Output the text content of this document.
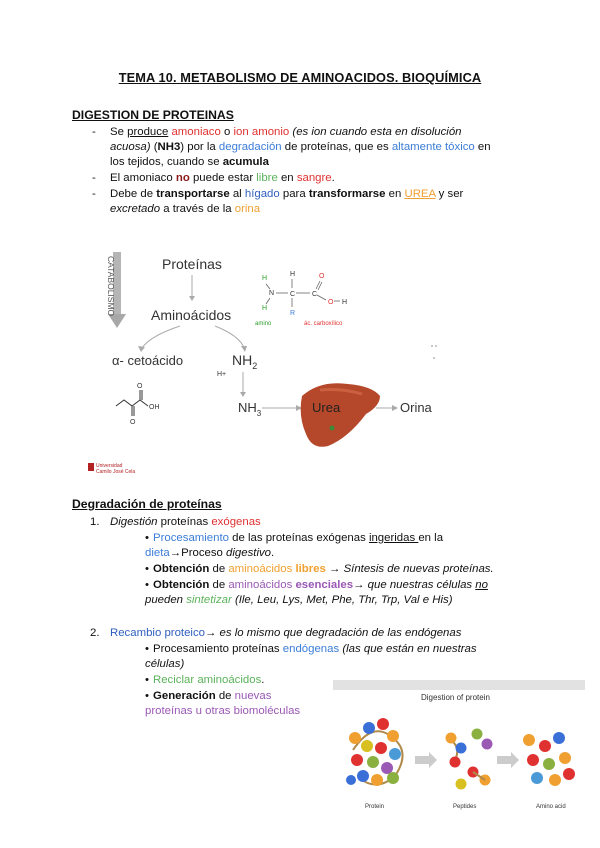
TEMA 10. METABOLISMO DE AMINOACIDOS. BIOQUÍMICA
DIGESTION DE PROTEINAS
- Se produce amoniaco o ion amonio (es ion cuando esta en disolución
acuosa) (NH3) por la degradación de proteínas, que es altamente tóxico en
los tejidos, cuando se acumula
- El amoniaco no puede estar libre en sangre.
- Debe de transportarse al hígado para transformarse en UREA y ser
excretado a través de la orina
CATABOLISMO	Proteínas
Aminoácidos
α- cetoácido	$NH_2$
H+
$NH_3$
O
O
OH
H
H
N
H
C
R
C
O
O H
amino	ác. carboxílico
Urea	Orina
Universidad
Camilo José Cela
Degradación de proteínas
1. Digestión proteínas exógenas
• Procesamiento de las proteínas exógenas ingeridas en la
dieta→Proceso digestivo.
• Obtención de aminoácidos libres → Síntesis de nuevas proteínas.
• Obtención de aminoácidos esenciales→ que nuestras células no
pueden sintetizar (Ile, Leu, Lys, Met, Phe, Thr, Trp, Val e His)
2. Recambio proteico→ es lo mismo que degradación de las endógenas
• Procesamiento proteínas endógenas (las que están en nuestras
células)
• Reciclar aminoácidos.
• Generación de nuevas
proteínas u otras biomoléculas
Digestion of protein
Protein	Peptides	Amino acid
